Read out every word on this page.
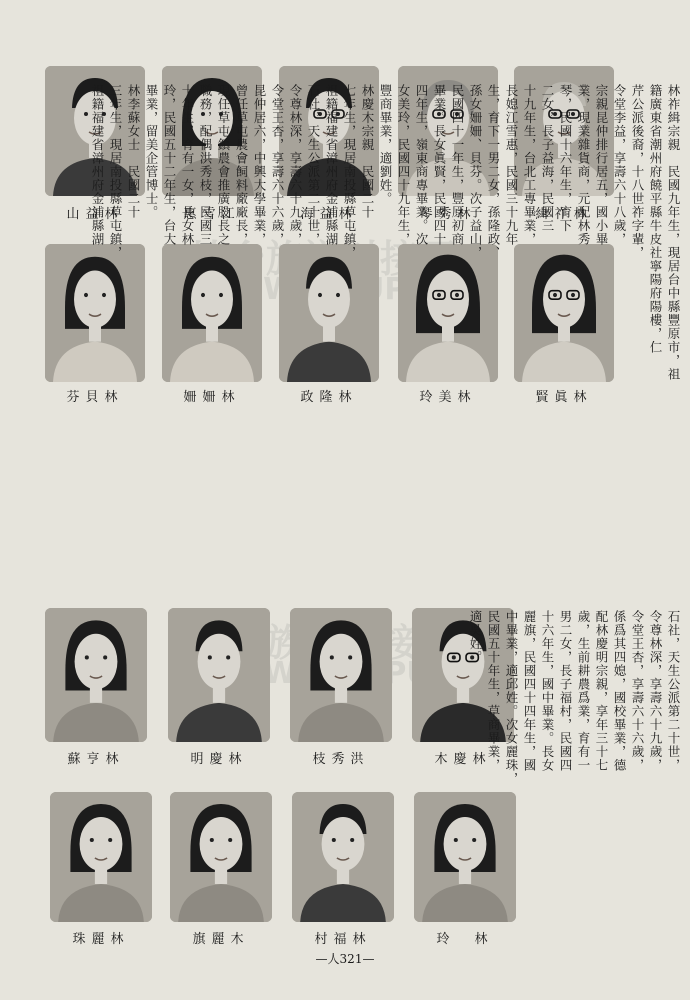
山益林	惠雪江	海益林	琴秀林	緝祚林
芬貝林	姍姍林	政隆林	玲美林	賢眞林
蘇亨林	明慶林	枝秀洪	木慶林
珠麗林	旗麗木	村福林	玲　林
林祚緝宗親　民國九年生，現居台中縣豐原市，祖
籍廣東省潮州府饒平縣牛皮社寧陽府陽樓，仁
芹公派後裔，十八世祚字輩，
令堂李益，享壽六十八歲，
宗親昆仲排行居五，國小畢
業，現業雜貨商，元配林秀
琴，民國十六年生，育下
二女，長子益海，民國三
十九年生，台北工專畢業，
長媳江雪惠，民國三十九年
生，育下一男二女，孫隆政、
孫女姍姍、貝芬。次子益山，
民國四十一年生，豐原初商
畢業。長女眞賢，民國四十
四年生，嶺東商專畢業。次
女美玲，民國四十九年生，
豐商畢業，適劉姓。
林慶木宗親　民國二十
七年生，現居南投縣草屯鎮，
祖籍福建省漳州府金浦縣湖
石社，天生公派第二十世，
令尊林深，享壽六十九歲，
令堂王杏，享壽六十六歲，
昆仲居六，中興大學畢業，
曾任草屯農會飼料廠廠長，
現任草屯鎮農會推廣股長之
職務，配偶洪秀枝，民國三
十年生，育有一女，長女林
玲，民國五十二年生，台大
畢業，留美企管博士。
林李蘇女士　民國二十
三年生，現居南投縣草屯鎮，
祖籍福建省漳州府金浦縣湖
石社，天生公派第二十世，
令尊林深，享壽六十九歲，
令堂王杏，享壽六十六歲，
係爲其四媳，國校畢業，德
配林慶明宗親，享年三十七
歲，生前耕農爲業，育有一
男二女，長子福村，民國四
十六年生，國中畢業。長女
麗旗，民國四十四年生，國
中畢業，適邱姓。次女麗珠，
民國五十年生，草商畢業，
適吳姓。
—人321—
